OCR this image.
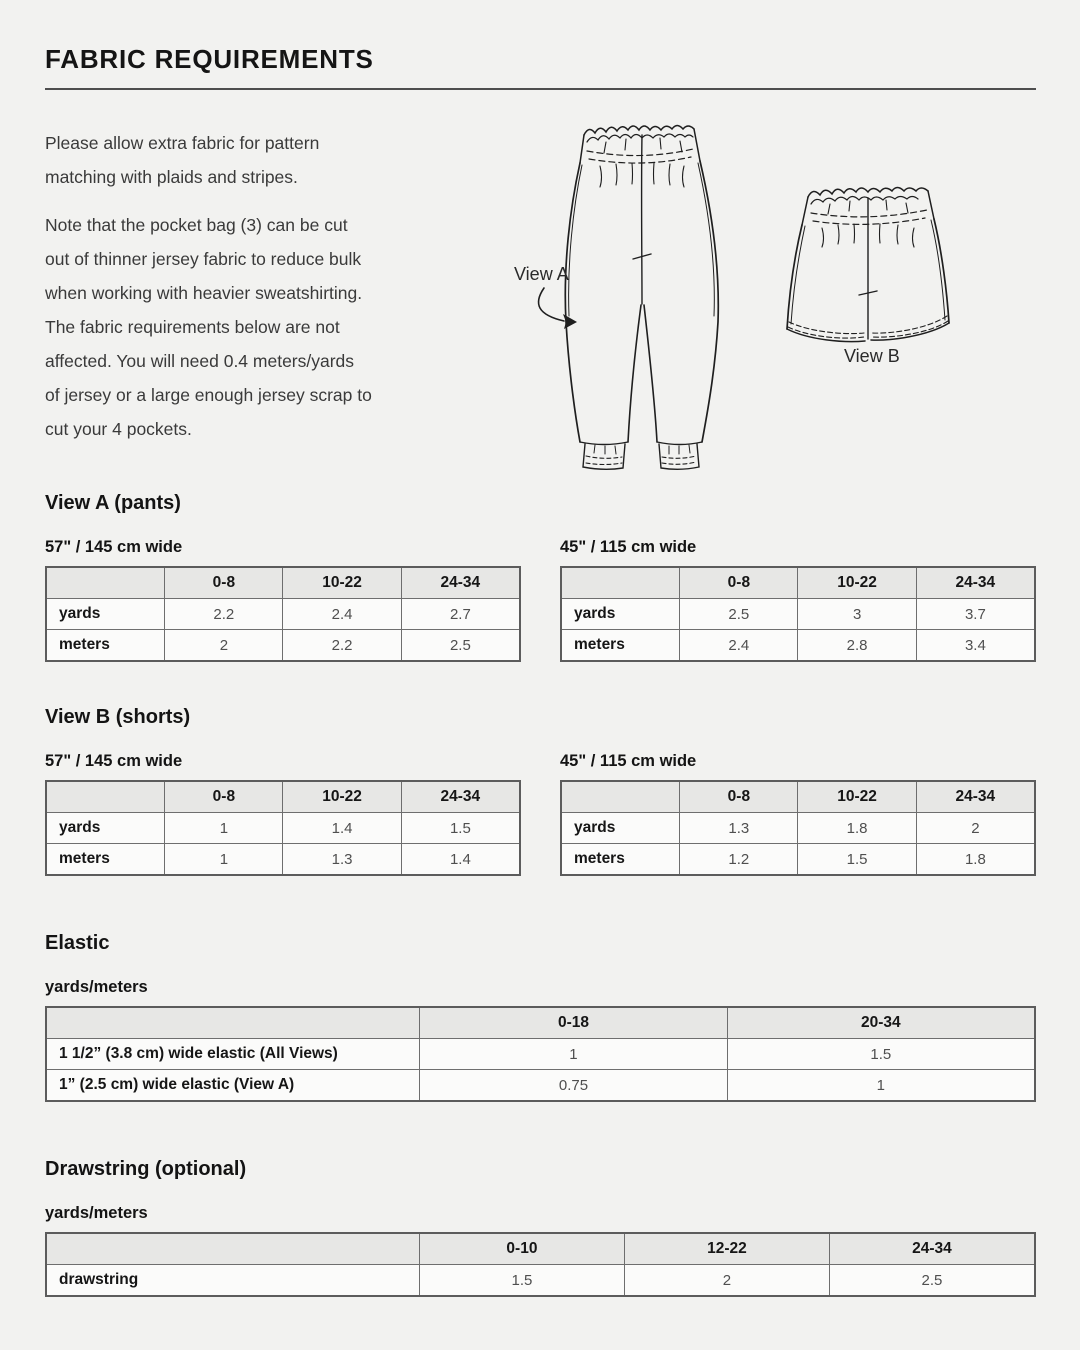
FABRIC REQUIREMENTS
Please allow extra fabric for pattern
matching with plaids and stripes.
Note that the pocket bag (3) can be cut
out of thinner jersey fabric to reduce bulk
when working with heavier sweatshirting.
The fabric requirements below are not
affected. You will need 0.4 meters/yards
of jersey or a large enough jersey scrap to
cut your 4 pockets.
View A
View B
View A (pants)
57" / 145 cm wide
	0-8	10-22	24-34
yards	2.2	2.4	2.7
meters	2	2.2	2.5
45" / 115 cm wide
	0-8	10-22	24-34
yards	2.5	3	3.7
meters	2.4	2.8	3.4
View B (shorts)
57" / 145 cm wide
	0-8	10-22	24-34
yards	1	1.4	1.5
meters	1	1.3	1.4
45" / 115 cm wide
	0-8	10-22	24-34
yards	1.3	1.8	2
meters	1.2	1.5	1.8
Elastic
yards/meters
	0-18	20-34
1 1/2” (3.8 cm) wide elastic (All Views)	1	1.5
1” (2.5 cm) wide elastic (View A)	0.75	1
Drawstring (optional)
yards/meters
	0-10	12-22	24-34
drawstring	1.5	2	2.5
